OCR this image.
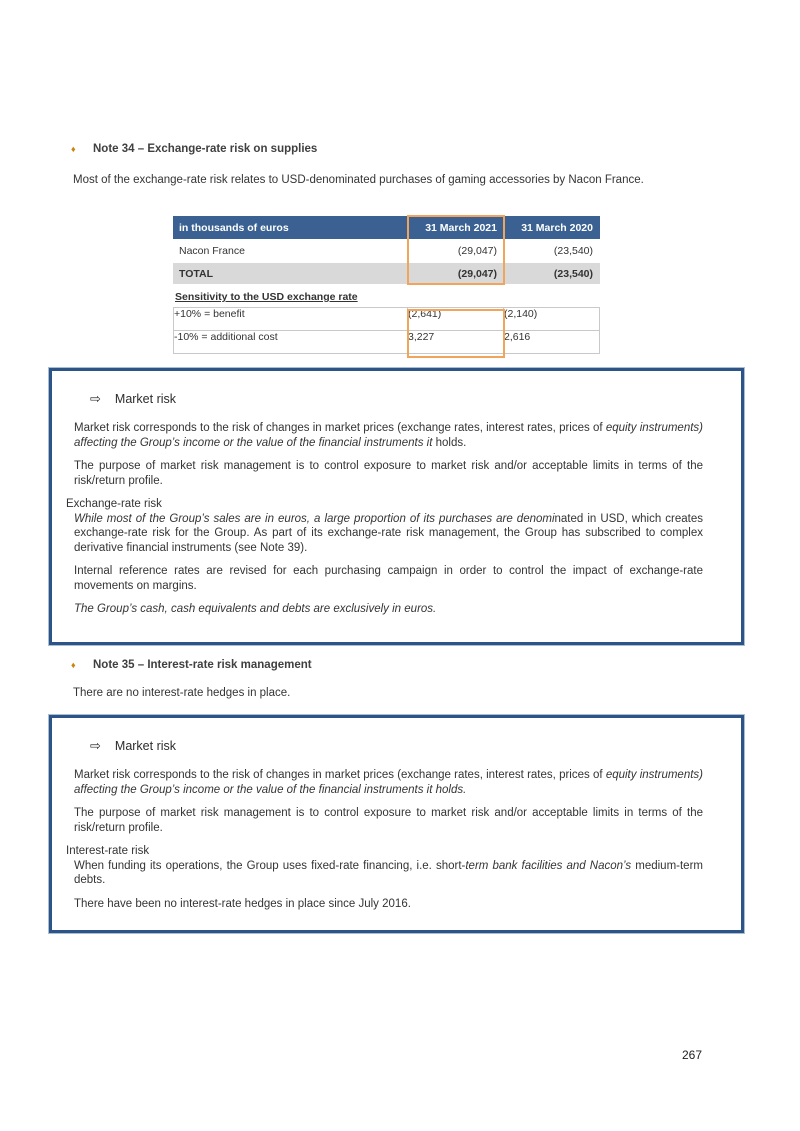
♦	Note 34 – Exchange-rate risk on supplies
Most of the exchange-rate risk relates to USD-denominated purchases of gaming accessories by Nacon France.
in thousands of euros	31 March 2021	31 March 2020
Nacon France	(29,047)	(23,540)
TOTAL	(29,047)	(23,540)
Sensitivity to the USD exchange rate
+10% = benefit	(2,641)	(2,140)
-10% = additional cost	3,227	2,616
⇨ Market risk

Market risk corresponds to the risk of changes in market prices (exchange rates, interest rates, prices of equity instruments) affecting the Group’s income or the value of the financial instruments it holds.

The purpose of market risk management is to control exposure to market risk and/or acceptable limits in terms of the risk/return profile.

Exchange-rate risk

While most of the Group’s sales are in euros, a large proportion of its purchases are denominated in USD, which creates exchange-rate risk for the Group. As part of its exchange-rate risk management, the Group has subscribed to complex derivative financial instruments (see Note 39).

Internal reference rates are revised for each purchasing campaign in order to control the impact of exchange-rate movements on margins.

The Group’s cash, cash equivalents and debts are exclusively in euros.

♦	Note 35 – Interest-rate risk management
There are no interest-rate hedges in place.
⇨ Market risk

Market risk corresponds to the risk of changes in market prices (exchange rates, interest rates, prices of equity instruments) affecting the Group’s income or the value of the financial instruments it holds.

The purpose of market risk management is to control exposure to market risk and/or acceptable limits in terms of the risk/return profile.

Interest-rate risk

When funding its operations, the Group uses fixed-rate financing, i.e. short-term bank facilities and Nacon’s medium-term debts.

There have been no interest-rate hedges in place since July 2016.

267
